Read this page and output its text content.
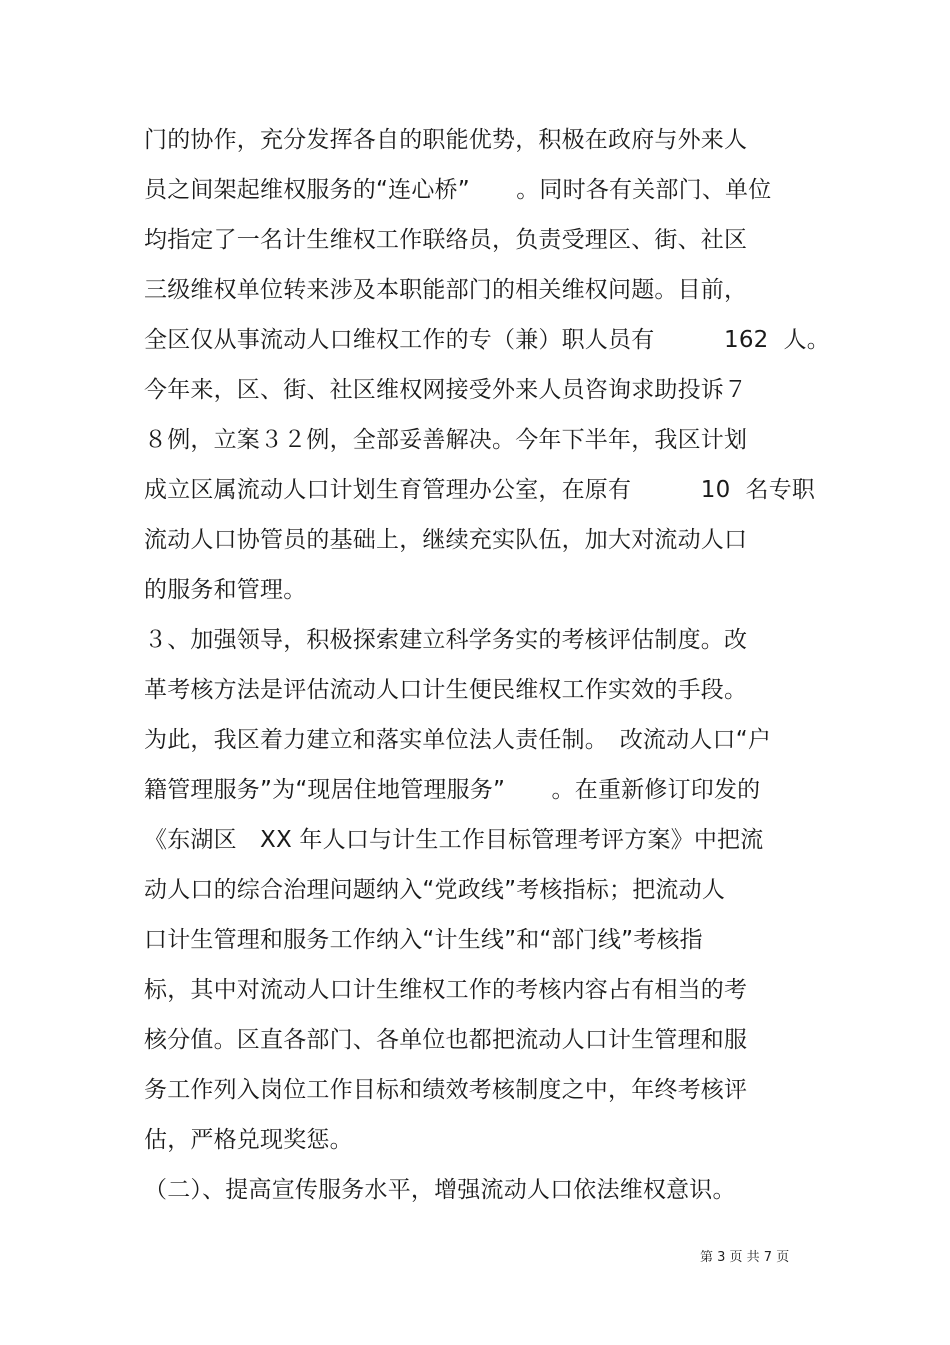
门的协作，充分发挥各自的职能优势，积极在政府与外来人
员之间架起维权服务的“连心桥”　　。同时各有关部门、单位
均指定了一名计生维权工作联络员，负责受理区、街、社区
三级维权单位转来涉及本职能部门的相关维权问题。目前，
全区仅从事流动人口维权工作的专（兼）职人员有　　　162  人。
今年来，区、街、社区维权网接受外来人员咨询求助投诉７
８例，立案３２例，全部妥善解决。今年下半年，我区计划
成立区属流动人口计划生育管理办公室，在原有　　　10  名专职
流动人口协管员的基础上，继续充实队伍，加大对流动人口
的服务和管理。
３、加强领导，积极探索建立科学务实的考核评估制度。改
革考核方法是评估流动人口计生便民维权工作实效的手段。
为此，我区着力建立和落实单位法人责任制。　改流动人口“户
籍管理服务”为“现居住地管理服务”　　。在重新修订印发的
《东湖区　XX 年人口与计生工作目标管理考评方案》中把流
动人口的综合治理问题纳入“党政线”考核指标；把流动人
口计生管理和服务工作纳入“计生线”和“部门线”考核指
标，其中对流动人口计生维权工作的考核内容占有相当的考
核分值。区直各部门、各单位也都把流动人口计生管理和服
务工作列入岗位工作目标和绩效考核制度之中，年终考核评
估，严格兑现奖惩。
（二）、提高宣传服务水平，增强流动人口依法维权意识。
第 3 页 共 7 页
